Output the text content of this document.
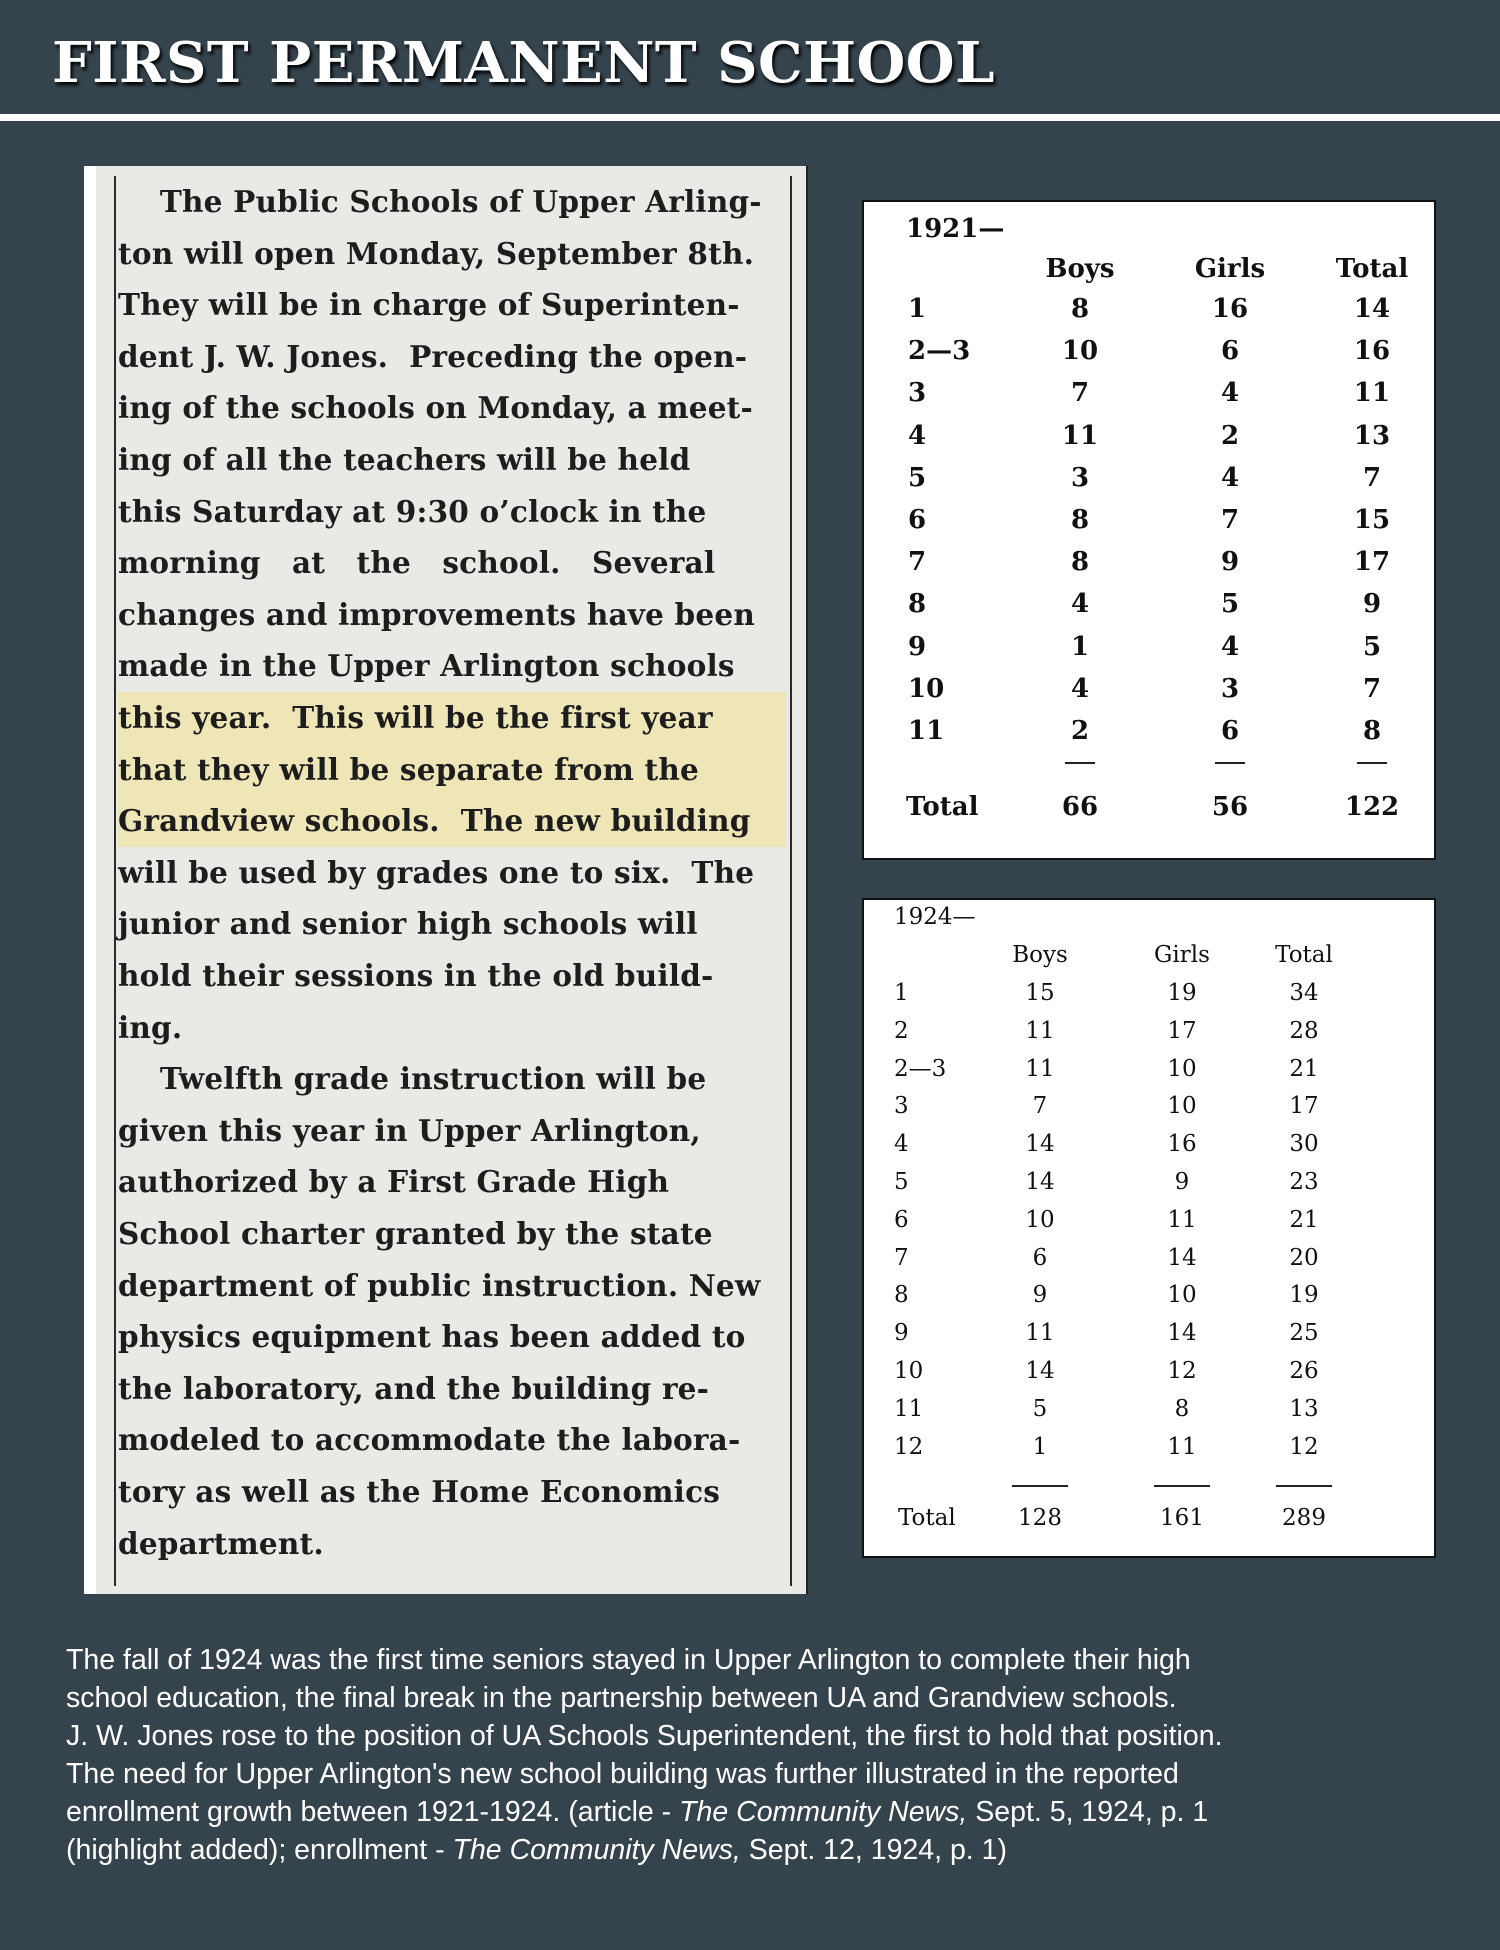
FIRST PERMANENT SCHOOL
The Public Schools of Upper Arling-
ton will open Monday, September 8th.
They will be in charge of Superinten-
dent J. W. Jones.  Preceding the open-
ing of the schools on Monday, a meet-
ing of all the teachers will be held
this Saturday at 9:30 o’clock in the
morning   at   the   school.   Several
changes and improvements have been
made in the Upper Arlington schools
this year.  This will be the first year
that they will be separate from the
Grandview schools.  The new building
will be used by grades one to six.  The
junior and senior high schools will
hold their sessions in the old build-
ing.
Twelfth grade instruction will be
given this year in Upper Arlington,
authorized by a First Grade High
School charter granted by the state
department of public instruction. New
physics equipment has been added to
the laboratory, and the building re-
modeled to accommodate the labora-
tory as well as the Home Economics
department.
1921—
Boys	Girls	Total
1	8	16	14
2—3	10	6	16
3	7	4	11
4	11	2	13
5	3	4	7
6	8	7	15
7	8	9	17
8	4	5	9
9	1	4	5
10	4	3	7
11	2	6	8
Total	66	56	122
1924—
Boys	Girls	Total
1	15	19	34
2	11	17	28
2—3	11	10	21
3	7	10	17
4	14	16	30
5	14	9	23
6	10	11	21
7	6	14	20
8	9	10	19
9	11	14	25
10	14	12	26
11	5	8	13
12	1	11	12
Total	128	161	289
The fall of 1924 was the first time seniors stayed in Upper Arlington to complete their high
school education, the final break in the partnership between UA and Grandview schools.
J. W. Jones rose to the position of UA Schools Superintendent, the first to hold that position.
The need for Upper Arlington's new school building was further illustrated in the reported
enrollment growth between 1921-1924. (article - The Community News, Sept. 5, 1924, p. 1
(highlight added); enrollment - The Community News, Sept. 12, 1924, p. 1)
